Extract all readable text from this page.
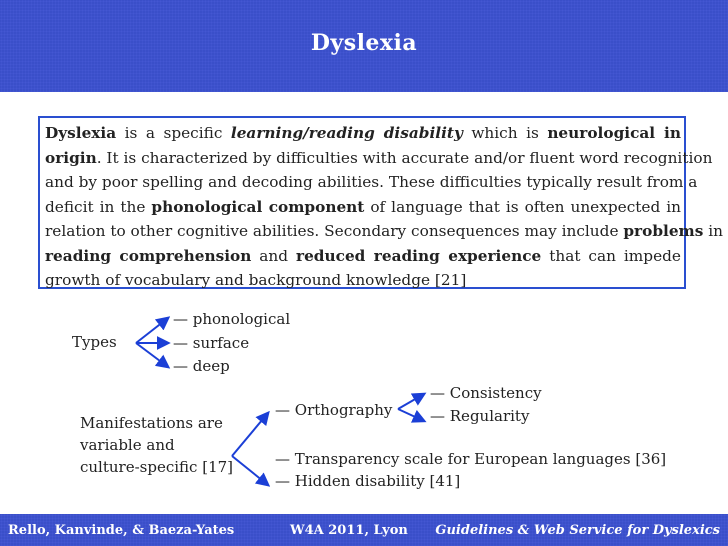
Dyslexia
Dyslexia is a specific learning/reading disability which is neurological in
origin. It is characterized by difficulties with accurate and/or fluent word recognition
and by poor spelling and decoding abilities. These difficulties typically result from a
deficit in the phonological component of language that is often unexpected in
relation to other cognitive abilities. Secondary consequences may include problems in
reading comprehension and reduced reading experience that can impede
growth of vocabulary and background knowledge [21]
Types
— phonological
— surface
— deep
Manifestations are
variable and
culture-specific [17]
— Orthography
— Consistency
— Regularity
— Transparency scale for European languages [36]
— Hidden disability [41]
Rello, Kanvinde, & Baeza-Yates	W4A 2011, Lyon Guidelines & Web Service for Dyslexics
